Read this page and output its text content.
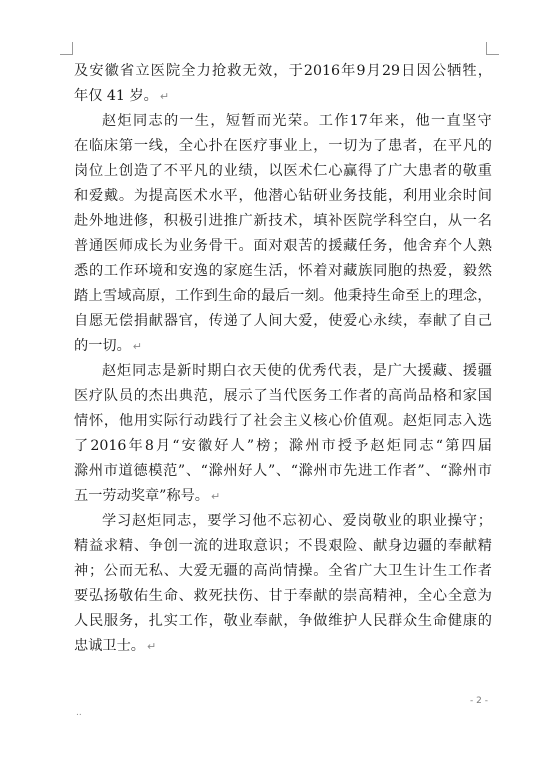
及 安 徽 省 立 医 院 全 力 抢 救 无 效 ， 于 2016 年 9 月 29 日 因 公 牺 牲 ，
年仅 41 岁。 ↵
赵 炬 同 志 的 一 生 ， 短 暂 而 光 荣 。 工 作 17 年 来 ， 他 一 直 坚 守
在 临 床 第 一 线 ， 全 心 扑 在 医 疗 事 业 上 ， 一 切 为 了 患 者 ， 在 平 凡 的
岗 位 上 创 造 了 不 平 凡 的 业 绩 ， 以 医 术 仁 心 赢 得 了 广 大 患 者 的 敬 重
和 爱 戴 。 为 提 高 医 术 水 平 ， 他 潜 心 钻 研 业 务 技 能 ， 利 用 业 余 时 间
赴 外 地 进 修 ， 积 极 引 进 推 广 新 技 术 ， 填 补 医 院 学 科 空 白 ， 从 一 名
普 通 医 师 成 长 为 业 务 骨 干 。 面 对 艰 苦 的 援 藏 任 务 ， 他 舍 弃 个 人 熟
悉 的 工 作 环 境 和 安 逸 的 家 庭 生 活 ， 怀 着 对 藏 族 同 胞 的 热 爱 ， 毅 然
踏 上 雪 域 高 原 ， 工 作 到 生 命 的 最 后 一 刻 。 他 秉 持 生 命 至 上 的 理 念 ，
自 愿 无 偿 捐 献 器 官 ， 传 递 了 人 间 大 爱 ， 使 爱 心 永 续 ， 奉 献 了 自 己
的一切。 ↵
赵 炬 同 志 是 新 时 期 白 衣 天 使 的 优 秀 代 表 ， 是 广 大 援 藏 、 援 疆
医 疗 队 员 的 杰 出 典 范 ， 展 示 了 当 代 医 务 工 作 者 的 高 尚 品 格 和 家 国
情 怀 ， 他 用 实 际 行 动 践 行 了 社 会 主 义 核 心 价 值 观 。 赵 炬 同 志 入 选
了 2016 年 8 月 “ 安 徽 好 人 ” 榜 ； 滁 州 市 授 予 赵 炬 同 志 “ 第 四 届
滁 州 市 道 德 模 范 ” 、 “ 滁 州 好 人 ” 、 “ 滁 州 市 先 进 工 作 者 ” 、 “ 滁 州 市
五一劳动奖章”称号。 ↵
学 习 赵 炬 同 志 ， 要 学 习 他 不 忘 初 心 、 爱 岗 敬 业 的 职 业 操 守 ；
精 益 求 精 、 争 创 一 流 的 进 取 意 识 ； 不 畏 艰 险 、 献 身 边 疆 的 奉 献 精
神 ； 公 而 无 私 、 大 爱 无 疆 的 高 尚 情 操 。 全 省 广 大 卫 生 计 生 工 作 者
要 弘 扬 敬 佑 生 命 、 救 死 扶 伤 、 甘 于 奉 献 的 崇 高 精 神 ， 全 心 全 意 为
人 民 服 务 ， 扎 实 工 作 ， 敬 业 奉 献 ， 争 做 维 护 人 民 群 众 生 命 健 康 的
忠诚卫士。 ↵
- 2 -
..
